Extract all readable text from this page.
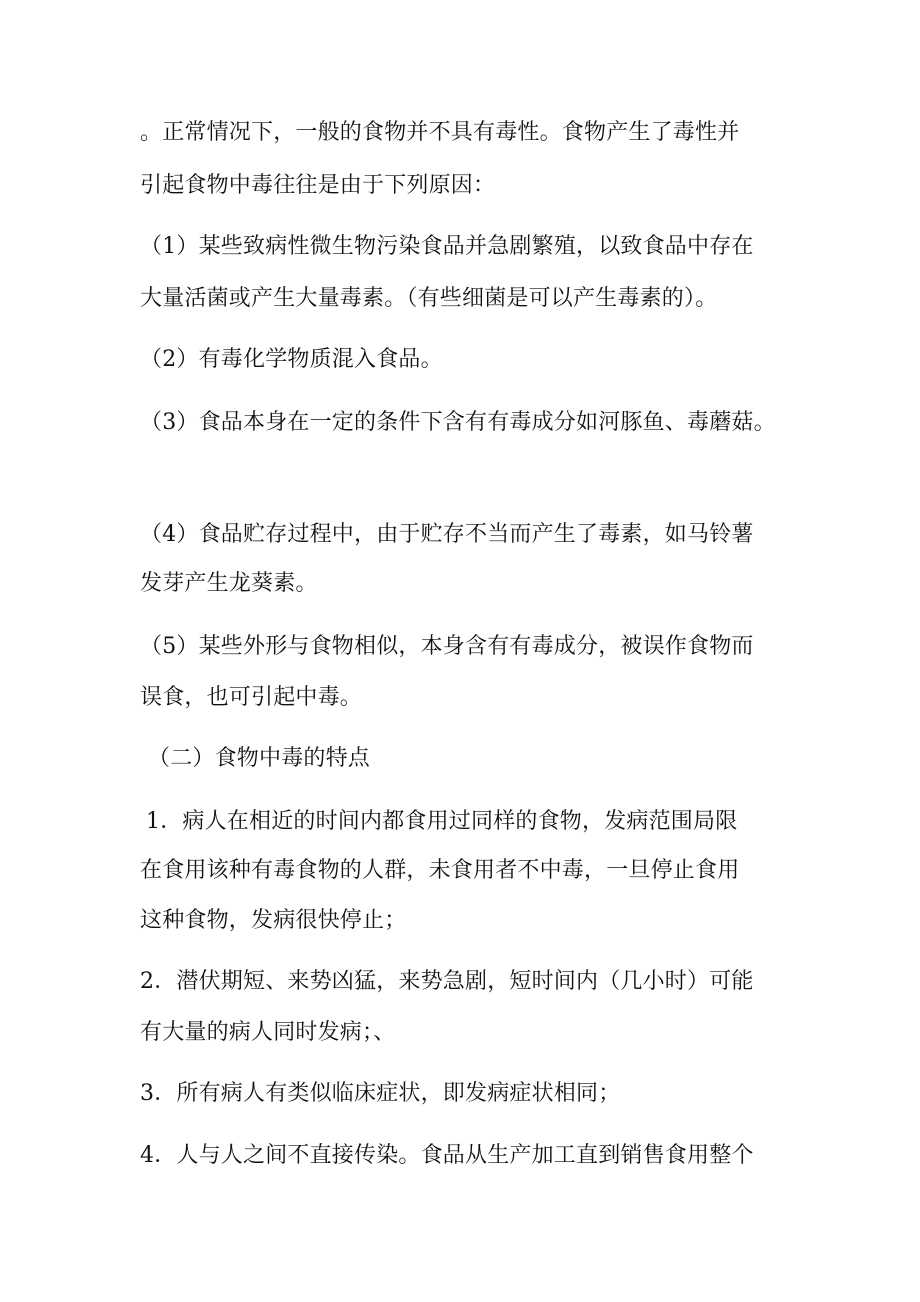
。正常情况下，一般的食物并不具有毒性。食物产生了毒性并
引起食物中毒往往是由于下列原因：
（1）某些致病性微生物污染食品并急剧繁殖，以致食品中存在
大量活菌或产生大量毒素。（有些细菌是可以产生毒素的）。
（2）有毒化学物质混入食品。
（3）食品本身在一定的条件下含有有毒成分如河豚鱼、毒蘑菇。
（4）食品贮存过程中，由于贮存不当而产生了毒素，如马铃薯
发芽产生龙葵素。
（5）某些外形与食物相似，本身含有有毒成分，被误作食物而
误食，也可引起中毒。
（二）食物中毒的特点
1．病人在相近的时间内都食用过同样的食物，发病范围局限
在食用该种有毒食物的人群，未食用者不中毒，一旦停止食用
这种食物，发病很快停止；
2．潜伏期短、来势凶猛，来势急剧，短时间内（几小时）可能
有大量的病人同时发病；、
3．所有病人有类似临床症状，即发病症状相同；
4．人与人之间不直接传染。食品从生产加工直到销售食用整个
